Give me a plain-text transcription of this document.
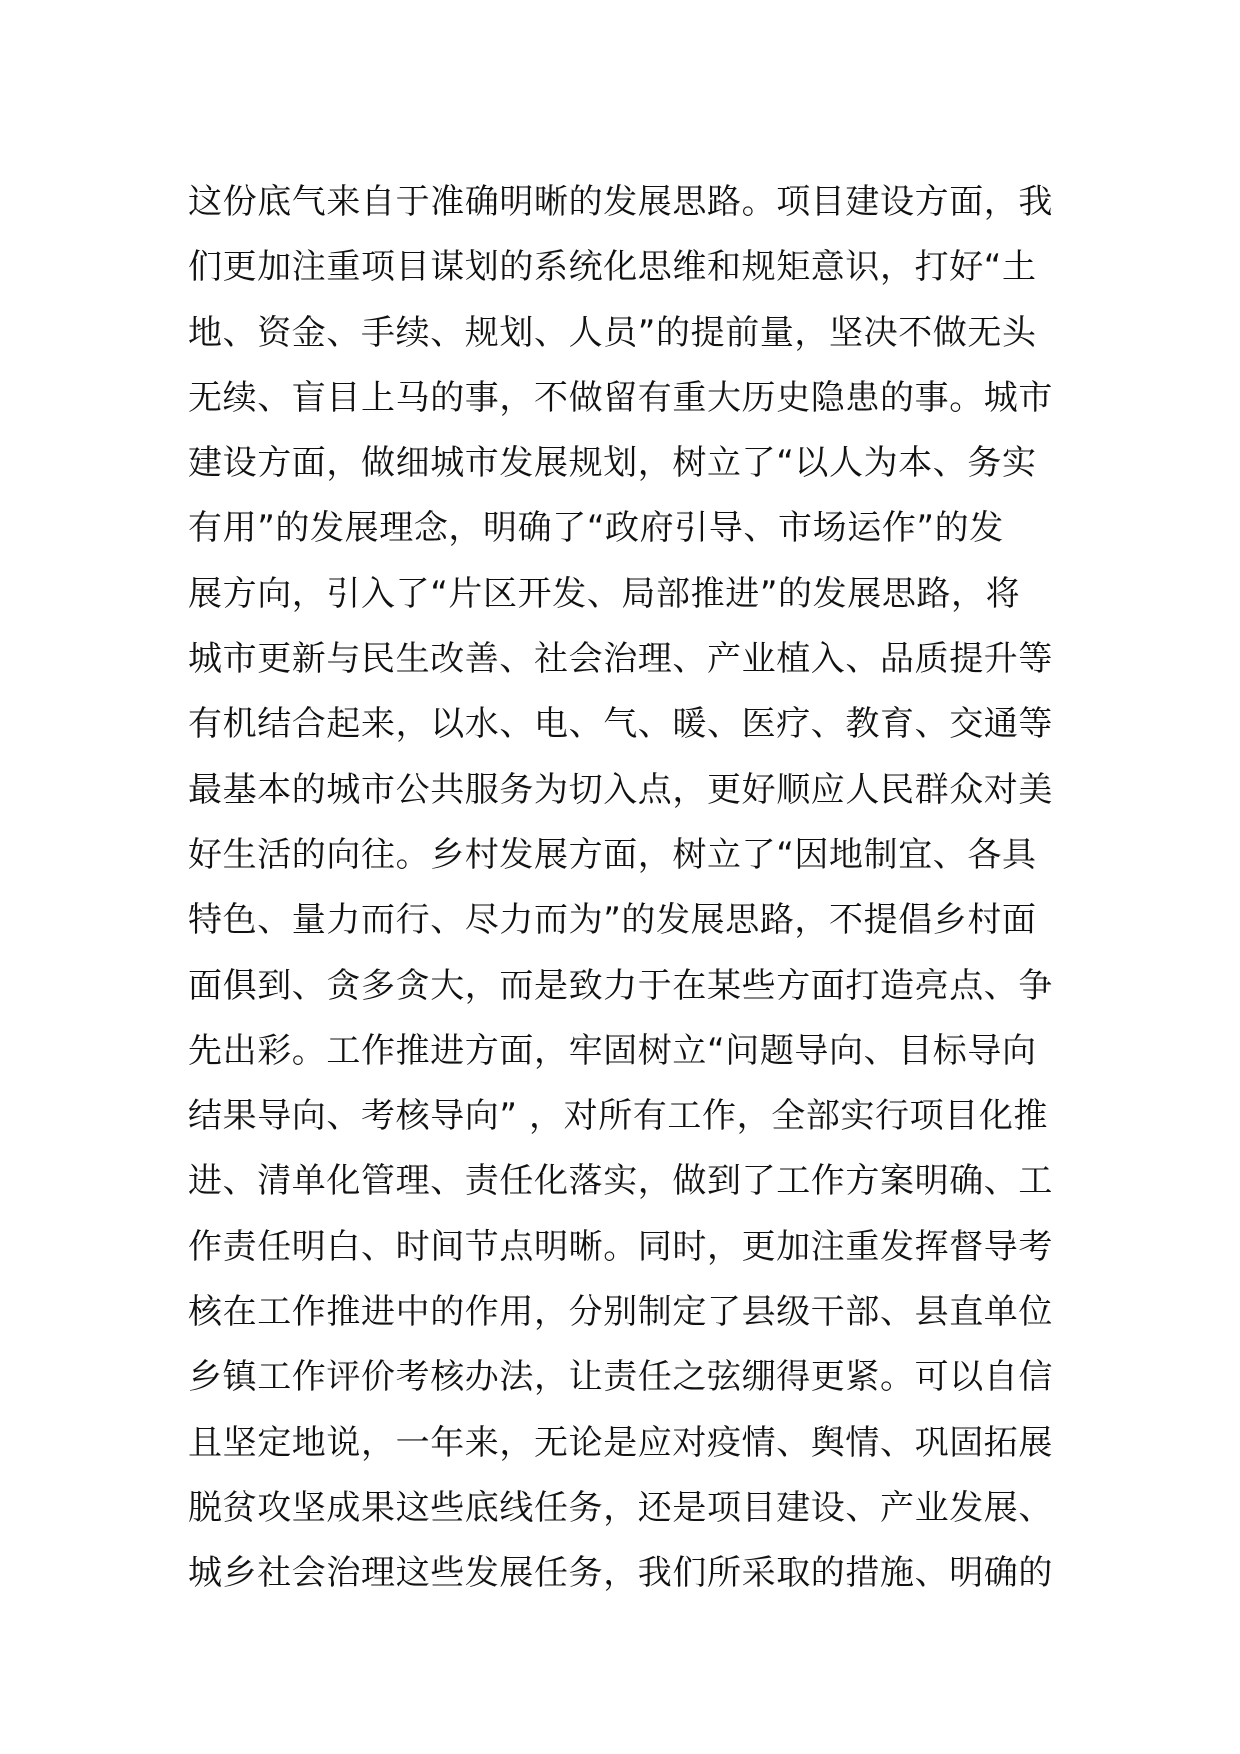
这份底气来自于准确明晰的发展思路。项目建设方面，我
们更加注重项目谋划的系统化思维和规矩意识，打好“土
地、资金、手续、规划、人员”的提前量，坚决不做无头
无续、盲目上马的事，不做留有重大历史隐患的事。城市
建设方面，做细城市发展规划，树立了“以人为本、务实
有用”的发展理念，明确了“政府引导、市场运作”的发
展方向，引入了“片区开发、局部推进”的发展思路，将
城市更新与民生改善、社会治理、产业植入、品质提升等
有机结合起来，以水、电、气、暖、医疗、教育、交通等
最基本的城市公共服务为切入点，更好顺应人民群众对美
好生活的向往。乡村发展方面，树立了“因地制宜、各具
特色、量力而行、尽力而为”的发展思路，不提倡乡村面
面俱到、贪多贪大，而是致力于在某些方面打造亮点、争
先出彩。工作推进方面，牢固树立“问题导向、目标导向
结果导向、考核导向” ，对所有工作，全部实行项目化推
进、清单化管理、责任化落实，做到了工作方案明确、工
作责任明白、时间节点明晰。同时，更加注重发挥督导考
核在工作推进中的作用，分别制定了县级干部、县直单位
乡镇工作评价考核办法，让责任之弦绷得更紧。可以自信
且坚定地说，一年来，无论是应对疫情、舆情、巩固拓展
脱贫攻坚成果这些底线任务，还是项目建设、产业发展、
城乡社会治理这些发展任务，我们所采取的措施、明确的
